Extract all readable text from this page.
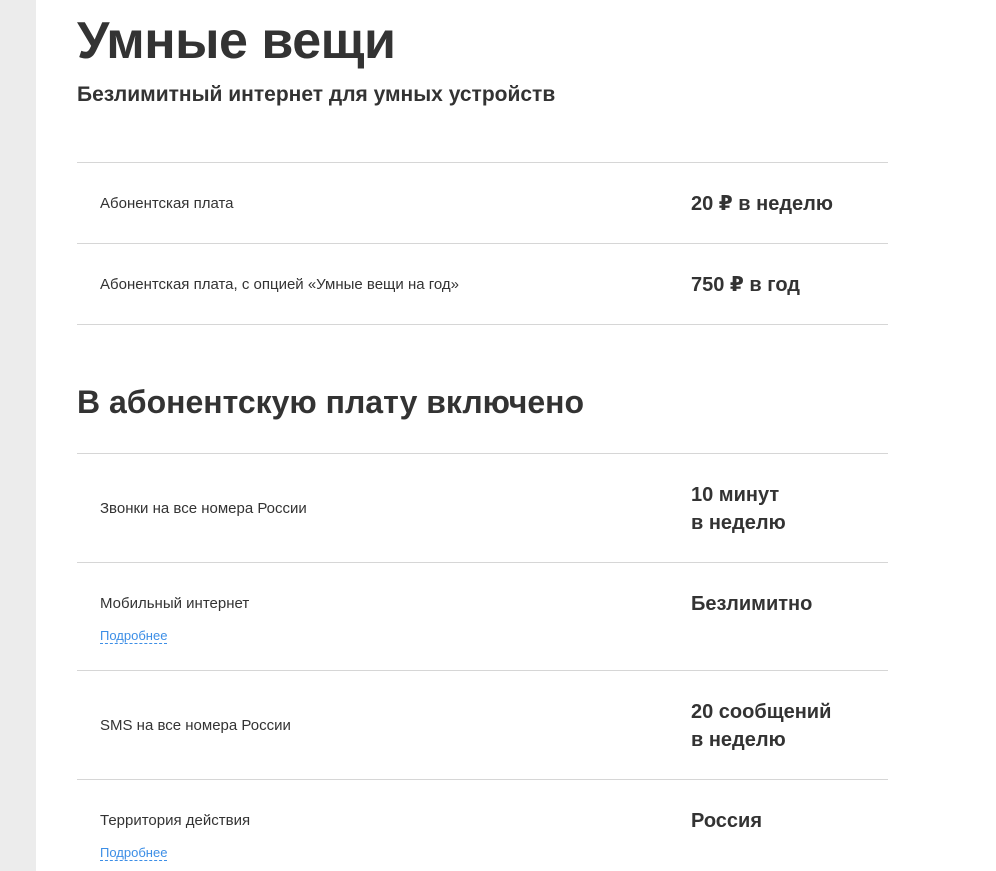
Умные вещи
Безлимитный интернет для умных устройств
Абонентская плата	20 ₽ в неделю
Абонентская плата, с опцией «Умные вещи на год»	750 ₽ в год
В абонентскую плату включено
Звонки на все номера России
10 минут
в неделю
Мобильный интернет
Подробнее
Безлимитно
SMS на все номера России
20 сообщений
в неделю
Территория действия
Подробнее
Россия
